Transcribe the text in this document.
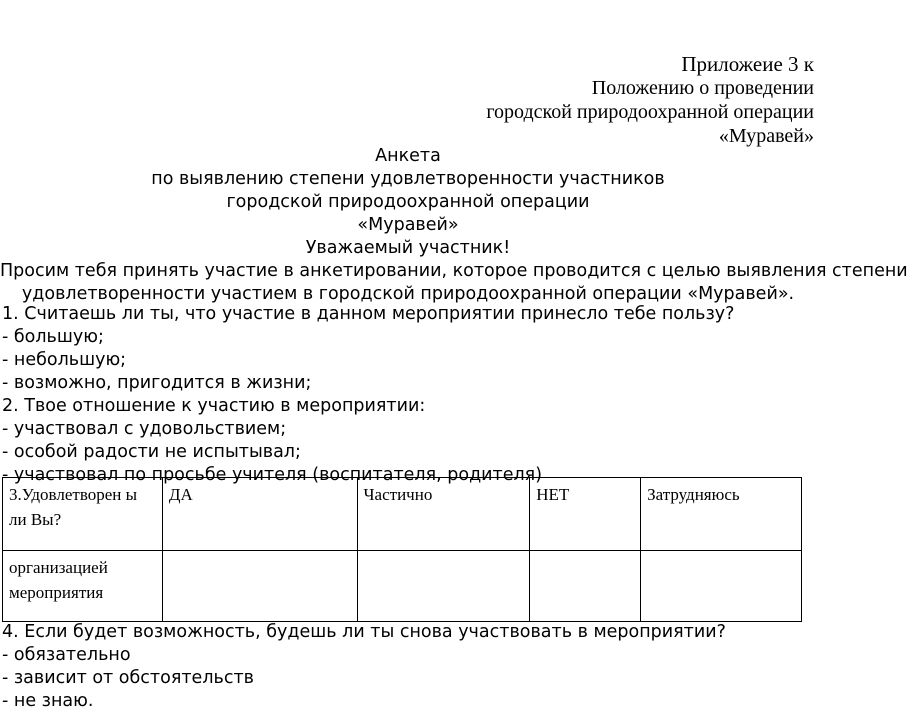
Приложеие 3 к
Положению о проведении
городской природоохранной операции
«Муравей»
Анкета
по выявлению степени удовлетворенности участников
городской природоохранной операции
«Муравей»
Уважаемый участник!
Просим тебя принять участие в анкетировании, которое проводится с целью выявления степени
удовлетворенности участием в городской природоохранной операции «Муравей».
1. Считаешь ли ты, что участие в данном мероприятии принесло тебе пользу?
- большую;
- небольшую;
- возможно, пригодится в жизни;
2. Твое отношение к участию в мероприятии:
- участвовал с удовольствием;
- особой радости не испытывал;
- участвовал по просьбе учителя (воспитателя, родителя)
3.Удовлетворен ы ли Вы?	ДА	Частично	НЕТ	Затрудняюсь
организацией мероприятия				
4. Если будет возможность, будешь ли ты снова участвовать в мероприятии?
- обязательно
- зависит от обстоятельств
- не знаю.
